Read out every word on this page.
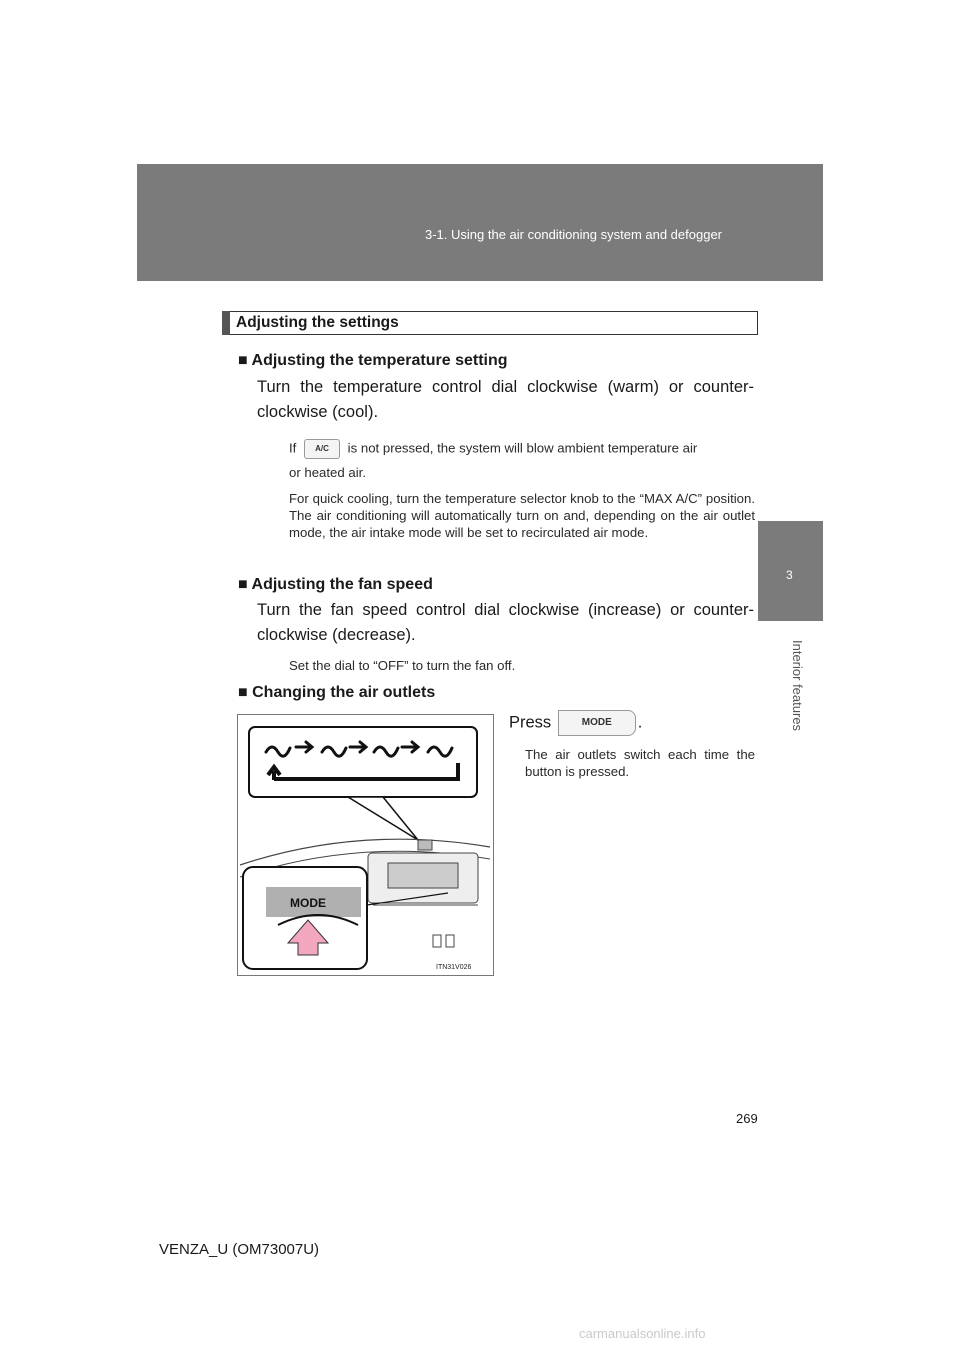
3-1. Using the air conditioning system and defogger
3
Interior features
Adjusting the settings
■ Adjusting the temperature setting
Turn the temperature control dial clockwise (warm) or counter-clockwise (cool).
If A/C is not pressed, the system will blow ambient temperature air
or heated air.
For quick cooling, turn the temperature selector knob to the “MAX A/C” position. The air conditioning will automatically turn on and, depending on the air outlet mode, the air intake mode will be set to recirculated air mode.
■ Adjusting the fan speed
Turn the fan speed control dial clockwise (increase) or counter-clockwise (decrease).
Set the dial to “OFF” to turn the fan off.
■ Changing the air outlets
Press	MODE .
The air outlets switch each time the button is pressed.
MODE
ITN31V026
269
VENZA_U (OM73007U)
carmanualsonline.info
